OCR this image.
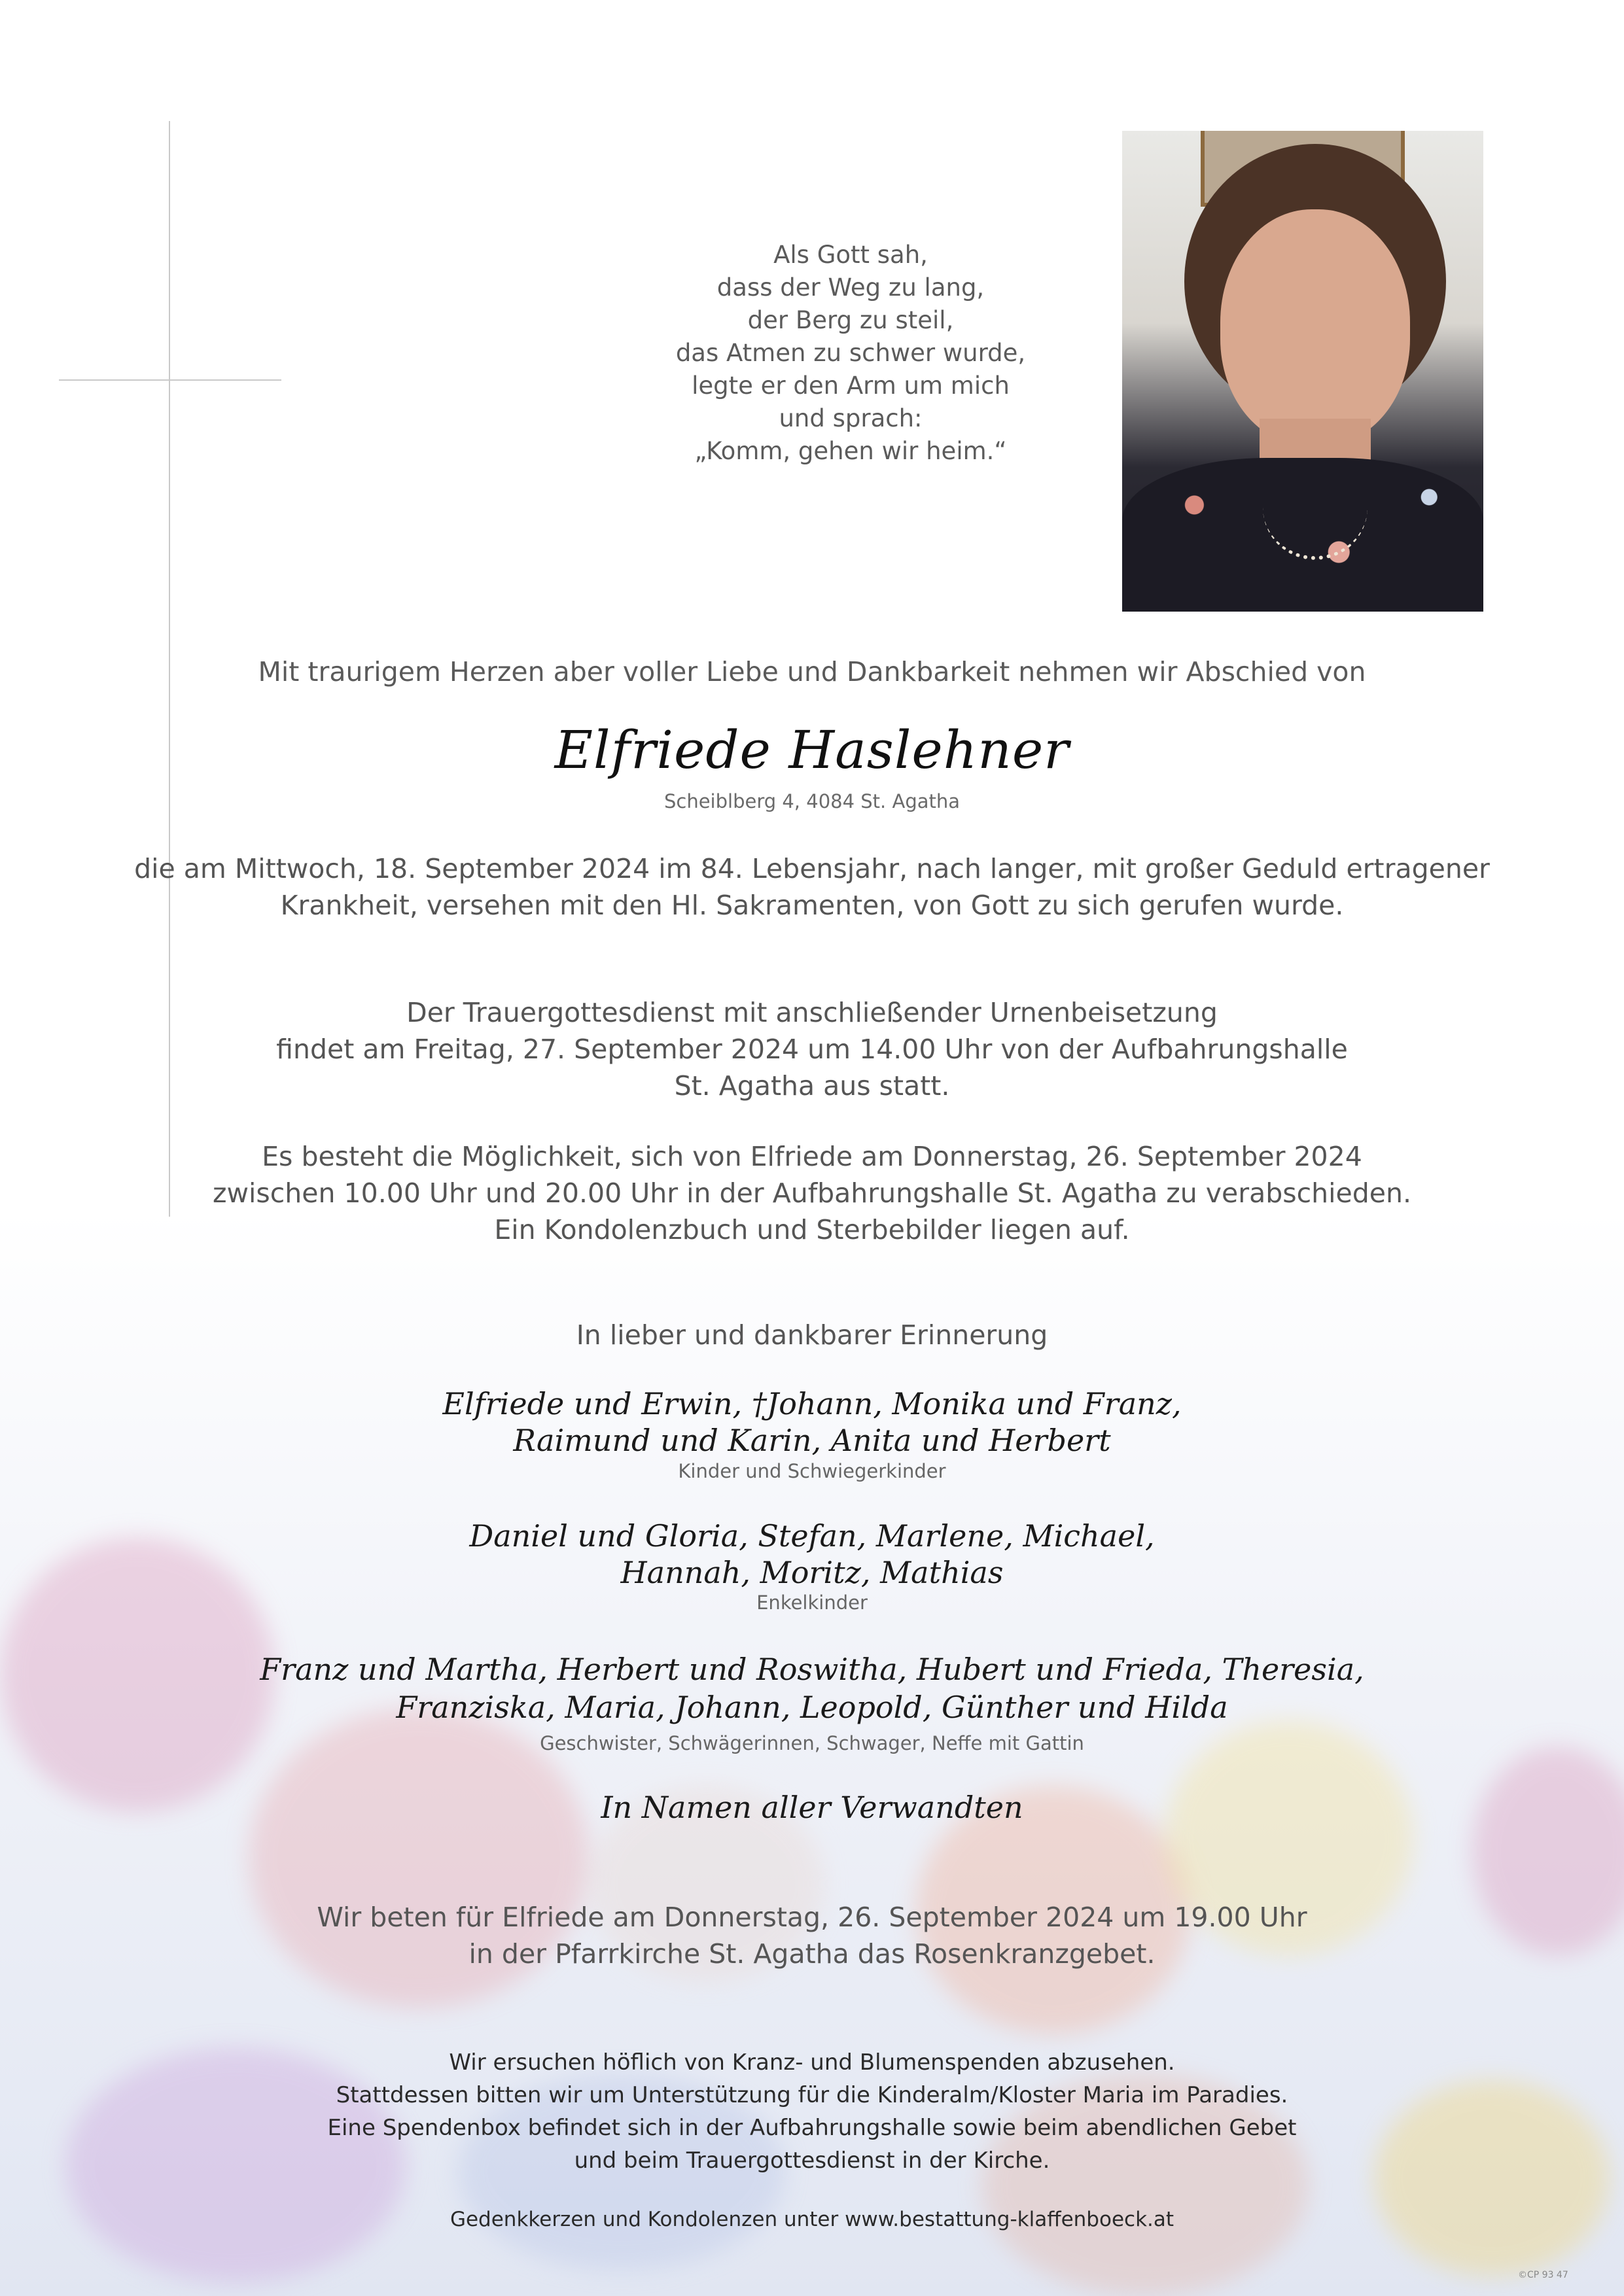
Als Gott sah,
dass der Weg zu lang,
der Berg zu steil,
das Atmen zu schwer wurde,
legte er den Arm um mich
und sprach:
„Komm, gehen wir heim.“
Mit traurigem Herzen aber voller Liebe und Dankbarkeit nehmen wir Abschied von
Elfriede Haslehner
Scheiblberg 4, 4084 St. Agatha
die am Mittwoch, 18. September 2024 im 84. Lebensjahr, nach langer, mit großer Geduld ertragener
Krankheit, versehen mit den Hl. Sakramenten, von Gott zu sich gerufen wurde.
Der Trauergottesdienst mit anschließender Urnenbeisetzung
findet am Freitag, 27. September 2024 um 14.00 Uhr von der Aufbahrungshalle
St. Agatha aus statt.
Es besteht die Möglichkeit, sich von Elfriede am Donnerstag, 26. September 2024
zwischen 10.00 Uhr und 20.00 Uhr in der Aufbahrungshalle St. Agatha zu verabschieden.
Ein Kondolenzbuch und Sterbebilder liegen auf.
In lieber und dankbarer Erinnerung
Elfriede und Erwin, †Johann, Monika und Franz,
Raimund und Karin, Anita und Herbert
Kinder und Schwiegerkinder
Daniel und Gloria, Stefan, Marlene, Michael,
Hannah, Moritz, Mathias
Enkelkinder
Franz und Martha, Herbert und Roswitha, Hubert und Frieda, Theresia,
Franziska, Maria, Johann, Leopold, Günther und Hilda
Geschwister, Schwägerinnen, Schwager, Neffe mit Gattin
In Namen aller Verwandten
Wir beten für Elfriede am Donnerstag, 26. September 2024 um 19.00 Uhr
in der Pfarrkirche St. Agatha das Rosenkranzgebet.
Wir ersuchen höflich von Kranz- und Blumenspenden abzusehen.
Stattdessen bitten wir um Unterstützung für die Kinderalm/Kloster Maria im Paradies.
Eine Spendenbox befindet sich in der Aufbahrungshalle sowie beim abendlichen Gebet
und beim Trauergottesdienst in der Kirche.
Gedenkkerzen und Kondolenzen unter www.bestattung-klaffenboeck.at
©CP 93 47
